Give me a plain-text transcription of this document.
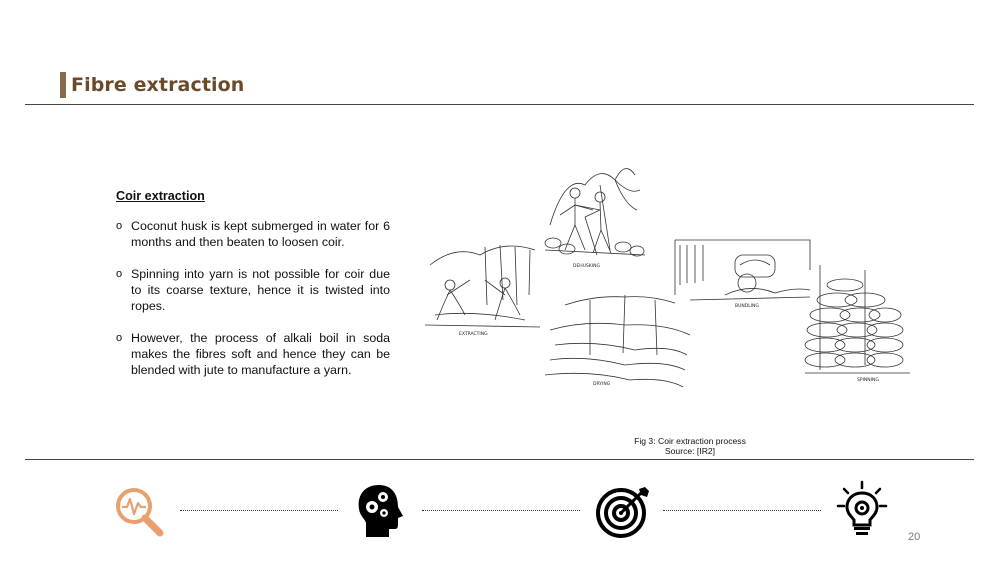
Fibre extraction
Coir extraction
o Coconut husk is kept submerged in water for 6 months and then beaten to loosen coir.
o Spinning into yarn is not possible for coir due to its coarse texture, hence it is twisted into ropes.
o However, the process of alkali boil in soda makes the fibres soft and hence they can be blended with jute to manufacture a yarn.
DEHUSKING
EXTRACTING
DRYING
BUNDLING
SPINNING
Fig 3: Coir extraction process
Source: [IR2]
20
